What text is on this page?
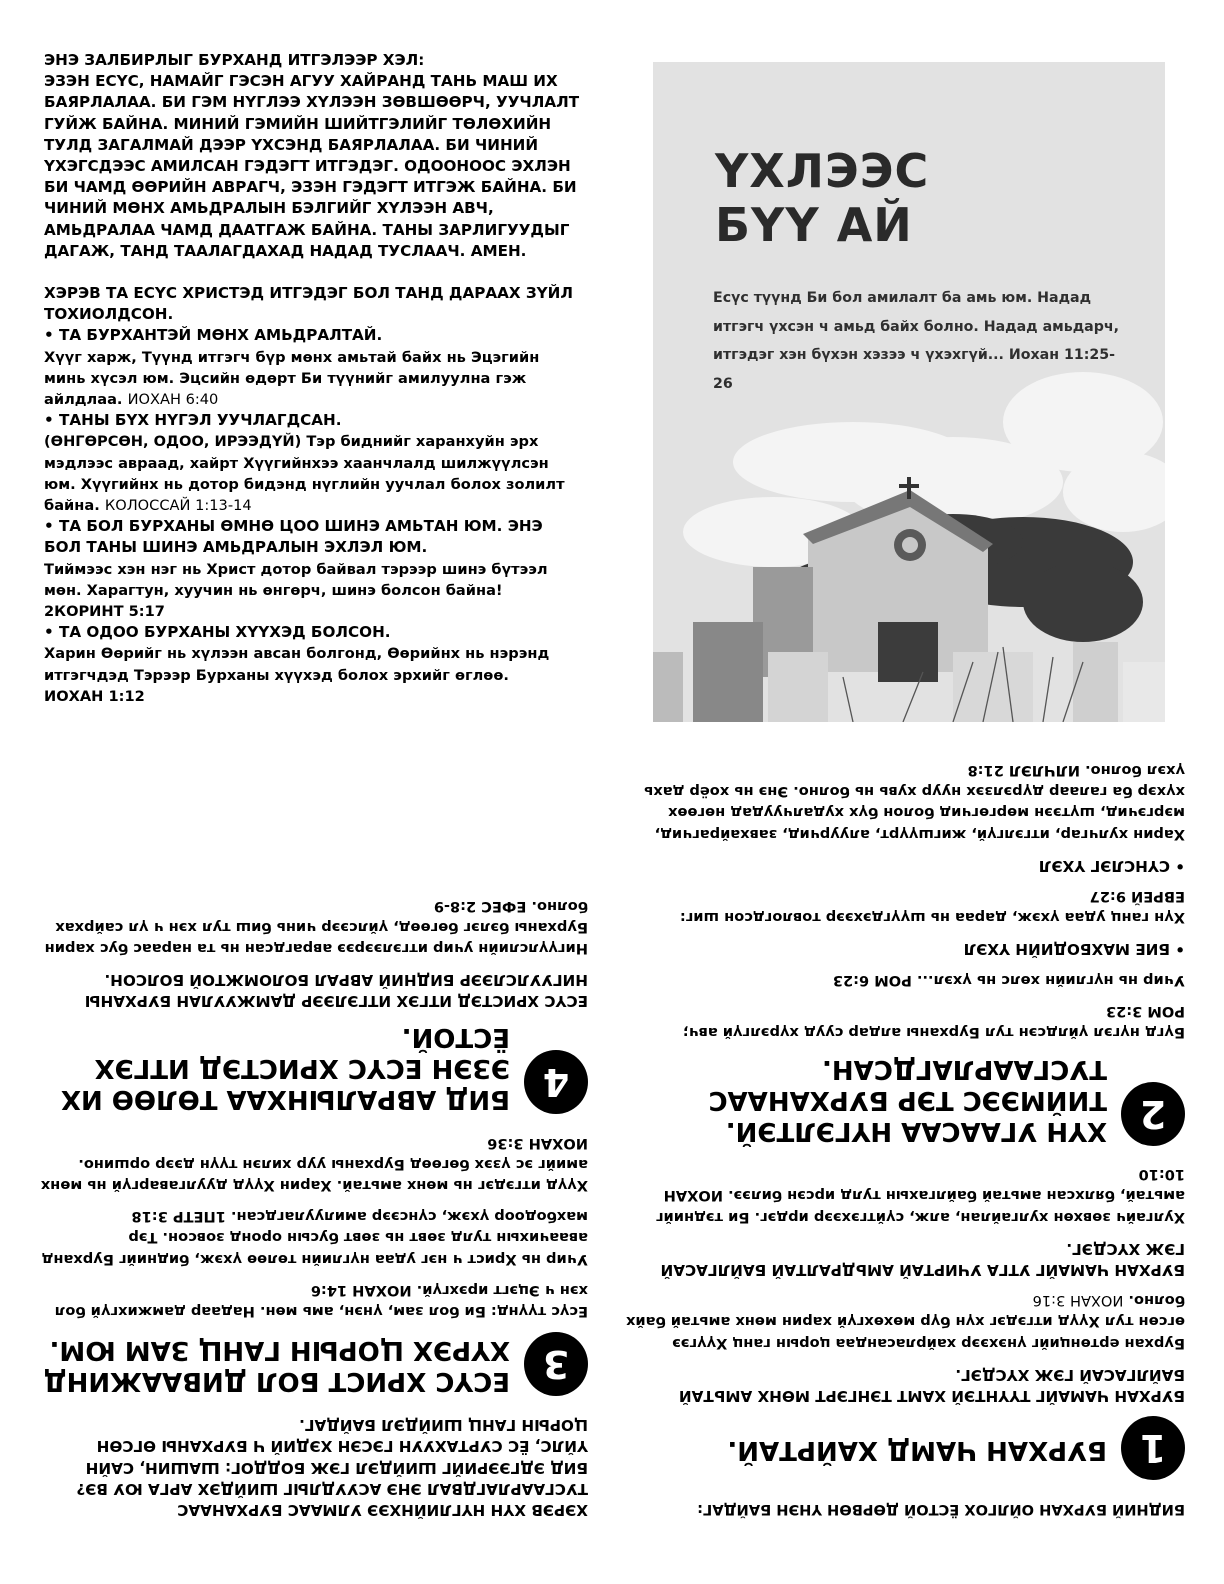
ЭНЭ ЗАЛБИРЛЫГ БУРХАНД ИТГЭЛЭЭР ХЭЛ:

ЭЗЭН ЕСҮС, НАМАЙГ ГЭСЭН АГУУ ХАЙРАНД ТАНЬ МАШ ИХ БАЯРЛАЛАА. БИ ГЭМ НҮГЛЭЭ ХҮЛЭЭН ЗӨВШӨӨРЧ, УУЧЛАЛТ ГУЙЖ БАЙНА. МИНИЙ ГЭМИЙН ШИЙТГЭЛИЙГ ТӨЛӨХИЙН ТУЛД ЗАГАЛМАЙ ДЭЭР ҮХСЭНД БАЯРЛАЛАА. БИ ЧИНИЙ ҮХЭГСДЭЭС АМИЛСАН ГЭДЭГТ ИТГЭДЭГ. ОДООНООС ЭХЛЭН БИ ЧАМД ӨӨРИЙН АВРАГЧ, ЭЗЭН ГЭДЭГТ ИТГЭЖ БАЙНА. БИ ЧИНИЙ МӨНХ АМЬДРАЛЫН БЭЛГИЙГ ХҮЛЭЭН АВЧ, АМЬДРАЛАА ЧАМД ДААТГАЖ БАЙНА. ТАНЫ ЗАРЛИГУУДЫГ ДАГАЖ, ТАНД ТААЛАГДАХАД НАДАД ТУСЛААЧ. АМЕН.

ХЭРЭВ ТА ЕСҮС ХРИСТЭД ИТГЭДЭГ БОЛ ТАНД ДАРААХ ЗҮЙЛ ТОХИОЛДСОН.

• ТА БУРХАНТЭЙ МӨНХ АМЬДРАЛТАЙ.

Хүүг харж, Түүнд итгэгч бүр мөнх амьтай байх нь Эцэгийн минь хүсэл юм. Эцсийн өдөрт Би түүнийг амилуулна гэж айлдлаа. ИОХАН 6:40

• ТАНЫ БҮХ НҮГЭЛ УУЧЛАГДСАН.

(ӨНГӨРСӨН, ОДОО, ИРЭЭДҮЙ) Тэр биднийг харанхуйн эрх мэдлээс авраад, хайрт Хүүгийнхээ хаанчлалд шилжүүлсэн юм. Хүүгийнх нь дотор бидэнд нүглийн уучлал болох золилт байна. КОЛОССАЙ 1:13-14

• ТА БОЛ БУРХАНЫ ӨМНӨ ЦОО ШИНЭ АМЬТАН ЮМ. ЭНЭ БОЛ ТАНЫ ШИНЭ АМЬДРАЛЫН ЭХЛЭЛ ЮМ.

Тиймээс хэн нэг нь Христ дотор байвал тэрээр шинэ бүтээл мөн. Харагтун, хуучин нь өнгөрч, шинэ болсон байна!
2КОРИНТ 5:17

• ТА ОДОО БУРХАНЫ ХҮҮХЭД БОЛСОН.

Харин Өөрийг нь хүлээн авсан болгонд, Өөрийнх нь нэрэнд итгэгчдэд Тэрээр Бурханы хүүхэд болох эрхийг өглөө.
ИОХАН 1:12

ҮХЛЭЭС
БҮҮ АЙ

Есүс түүнд Би бол амилалт ба амь юм. Надад итгэгч үхсэн ч амьд байх болно. Надад амьдарч, итгэдэг хэн бүхэн хэзээ ч үхэхгүй... Иохан 11:25-26

БИДНИЙ БУРХАН ОЙЛГОХ ЁСТОЙ ДӨРВӨН ҮНЭН БАЙДАГ:

1
БУРХАН ЧАМД ХАЙРТАЙ.

БУРХАН ЧАМАЙГ ТҮҮНТЭЙ ХАМТ ТЭНГЭРТ МӨНХ АМЬТАЙ БАЙЛГАСАЙ ГЭЖ ХҮСДЭГ.

Бурхан ертөнцийг үнэхээр хайрласандаа цорын ганц Хүүгээ өгсөн тул Хүүд итгэдэг хүн бүр мөхөхгүй харин мөнх амьтай байх болно. ИОХАН 3:16

БУРХАН ЧАМАЙГ УТГА УЧИРТАЙ АМЬДРАЛТАЙ БАЙЛГАСАЙ ГЭЖ ХҮСДЭГ.

Хулгайч зөвхөн хулгайлан, алж, сүйтгэхээр ирдэг. Би тэднийг амьтай, бялхсан амьтай байлгахын тулд ирсэн билээ. ИОХАН 10:10

2
ХҮН УГААСАА НҮГЭЛТЭЙ. ТИЙМЭЭС ТЭР БУРХАНААС ТУСГААРЛАГДСАН.

Бүгд нүгэл үйлдсэн тул Бурханы алдар сууд хүрэлгүй авч;
РОМ 3:23

Учир нь нүглийн хөлс нь үхэл... РОМ 6:23

• БИЕ МАХБОДИЙН ҮХЭЛ

Хүн ганц удаа үхэж, дараа нь шүүгдэхээр товлогдсон шиг:
ЕВРЕЙ 9:27

• СҮНСЛЭГ ҮХЭЛ

Харин хулчгар, итгэлгүй, жигшүүрт, алуурчид, завхайрагчид, мэргэчид, шүтээн мөргөгчид болон бүх худалчуудад нөгөөх хүхэр ба галаар дүрэлзэх нуур хувь нь болно. Энэ нь хоёр дахь үхэл болно. ИЛЧЛЭЛ 21:8

ХЭРЭВ ХҮН НҮГЛИЙНХЭЭ УЛМААС БУРХАНААС ТУСГААРЛАГДВАЛ ЭНЭ АСУУДЛЫГ ШИЙДЭХ АРГА ЮУ ВЭ? БИД ЭДГЭЭРИЙГ ШИЙДЭЛ ГЭЖ БОДДОГ: ШАШИН, САЙН ҮЙЛС, ЁС СУРТАХУУН ГЭСЭН ХЭДИЙ Ч БУРХАНЫ ӨГСӨН ЦОРЫН ГАНЦ ШИЙДЭЛ БАЙДАГ.

3
ЕСҮС ХРИСТ БОЛ ДИВААЖИНД ХҮРЭХ ЦОРЫН ГАНЦ ЗАМ ЮМ.

Есүс түүнд: Би бол зам, үнэн, амь мөн. Надаар дамжихгүй бол хэн ч Эцэгт ирэхгүй. ИОХАН 14:6

Учир нь Христ ч нэг удаа нүглийн төлөө үхэж, биднийг Бурханд аваачихын тулд зөвт нь зөвт бусын оронд зовсон. Тэр махбодоор үхэж, сүнсээр амилуулагдсан. 1ПЕТР 3:18

Хүүд итгэдэг нь мөнх амьтай. Харин Хүүд дуулгаваргүй нь мөнх амийг эс үзэх бөгөөд Бурханы уур хилэн түүн дээр оршино. ИОХАН 3:36

4
БИД АВРАЛЫНХАА ТӨЛӨӨ ИХ ЭЗЭН ЕСҮС ХРИСТЭД ИТГЭХ ЁСТОЙ.

ЕСҮС ХРИСТЭД ИТГЭХ ИТГЭЛЭЭР ДАМЖУУЛАН БУРХАНЫ НИГУУЛСЛЭЭР БИДНИЙ АВРАЛ БОЛОМЖТОЙ БОЛСОН.

Нигүүлслийн учир итгэлээрээ аврагдсан нь та нараас бус харин Бурханы бэлэг бөгөөд, үйлсээр чинь биш тул хэн ч үл сайрхах болно. ЕФЕС 2:8-9
